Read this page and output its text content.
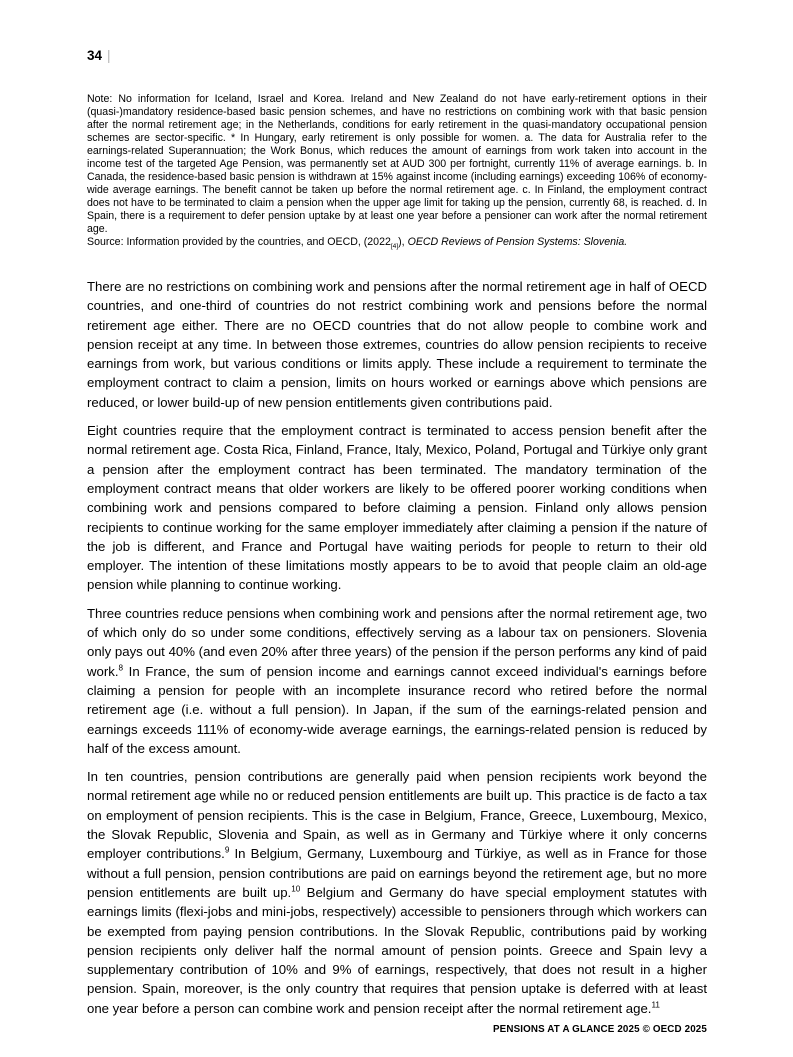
34 |
Note: No information for Iceland, Israel and Korea. Ireland and New Zealand do not have early-retirement options in their (quasi-)mandatory residence-based basic pension schemes, and have no restrictions on combining work with that basic pension after the normal retirement age; in the Netherlands, conditions for early retirement in the quasi-mandatory occupational pension schemes are sector-specific. * In Hungary, early retirement is only possible for women. a. The data for Australia refer to the earnings-related Superannuation; the Work Bonus, which reduces the amount of earnings from work taken into account in the income test of the targeted Age Pension, was permanently set at AUD 300 per fortnight, currently 11% of average earnings. b. In Canada, the residence-based basic pension is withdrawn at 15% against income (including earnings) exceeding 106% of economy-wide average earnings. The benefit cannot be taken up before the normal retirement age. c. In Finland, the employment contract does not have to be terminated to claim a pension when the upper age limit for taking up the pension, currently 68, is reached. d. In Spain, there is a requirement to defer pension uptake by at least one year before a pensioner can work after the normal retirement age.
Source: Information provided by the countries, and OECD, $(2022_{[4]})$, OECD Reviews of Pension Systems: Slovenia.

There are no restrictions on combining work and pensions after the normal retirement age in half of OECD countries, and one-third of countries do not restrict combining work and pensions before the normal retirement age either. There are no OECD countries that do not allow people to combine work and pension receipt at any time. In between those extremes, countries do allow pension recipients to receive earnings from work, but various conditions or limits apply. These include a requirement to terminate the employment contract to claim a pension, limits on hours worked or earnings above which pensions are reduced, or lower build-up of new pension entitlements given contributions paid.

Eight countries require that the employment contract is terminated to access pension benefit after the normal retirement age. Costa Rica, Finland, France, Italy, Mexico, Poland, Portugal and Türkiye only grant a pension after the employment contract has been terminated. The mandatory termination of the employment contract means that older workers are likely to be offered poorer working conditions when combining work and pensions compared to before claiming a pension. Finland only allows pension recipients to continue working for the same employer immediately after claiming a pension if the nature of the job is different, and France and Portugal have waiting periods for people to return to their old employer. The intention of these limitations mostly appears to be to avoid that people claim an old-age pension while planning to continue working.

Three countries reduce pensions when combining work and pensions after the normal retirement age, two of which only do so under some conditions, effectively serving as a labour tax on pensioners. Slovenia only pays out 40% (and even 20% after three years) of the pension if the person performs any kind of paid work.$^8$ In France, the sum of pension income and earnings cannot exceed individual's earnings before claiming a pension for people with an incomplete insurance record who retired before the normal retirement age (i.e. without a full pension). In Japan, if the sum of the earnings-related pension and earnings exceeds 111% of economy-wide average earnings, the earnings-related pension is reduced by half of the excess amount.

In ten countries, pension contributions are generally paid when pension recipients work beyond the normal retirement age while no or reduced pension entitlements are built up. This practice is de facto a tax on employment of pension recipients. This is the case in Belgium, France, Greece, Luxembourg, Mexico, the Slovak Republic, Slovenia and Spain, as well as in Germany and Türkiye where it only concerns employer contributions.$^9$ In Belgium, Germany, Luxembourg and Türkiye, as well as in France for those without a full pension, pension contributions are paid on earnings beyond the retirement age, but no more pension entitlements are built up.$^{10}$ Belgium and Germany do have special employment statutes with earnings limits (flexi-jobs and mini-jobs, respectively) accessible to pensioners through which workers can be exempted from paying pension contributions. In the Slovak Republic, contributions paid by working pension recipients only deliver half the normal amount of pension points. Greece and Spain levy a supplementary contribution of 10% and 9% of earnings, respectively, that does not result in a higher pension. Spain, moreover, is the only country that requires that pension uptake is deferred with at least one year before a person can combine work and pension receipt after the normal retirement age.$^{11}$

PENSIONS AT A GLANCE 2025 © OECD 2025
